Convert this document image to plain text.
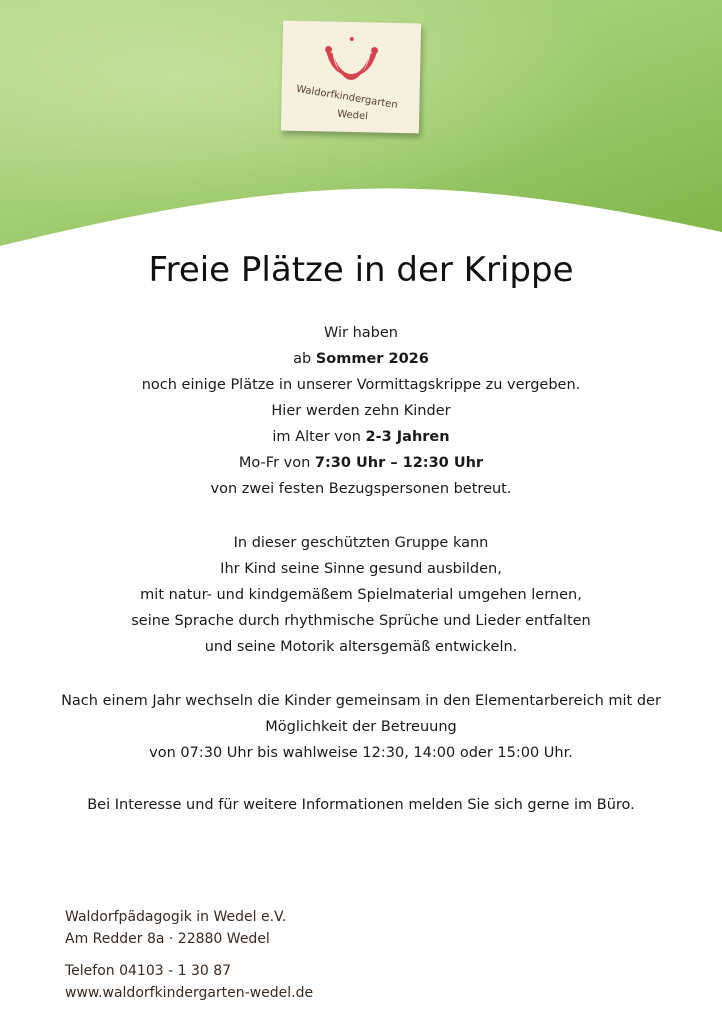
Waldorfkindergarten
Wedel
Freie Plätze in der Krippe

Wir haben

ab Sommer 2026

noch einige Plätze in unserer Vormittagskrippe zu vergeben.

Hier werden zehn Kinder

im Alter von 2-3 Jahren

Mo-Fr von 7:30 Uhr – 12:30 Uhr

von zwei festen Bezugspersonen betreut.

In dieser geschützten Gruppe kann

Ihr Kind seine Sinne gesund ausbilden,

mit natur- und kindgemäßem Spielmaterial umgehen lernen,

seine Sprache durch rhythmische Sprüche und Lieder entfalten

und seine Motorik altersgemäß entwickeln.

Nach einem Jahr wechseln die Kinder gemeinsam in den Elementarbereich mit der

Möglichkeit der Betreuung

von 07:30 Uhr bis wahlweise 12:30, 14:00 oder 15:00 Uhr.

Bei Interesse und für weitere Informationen melden Sie sich gerne im Büro.

Waldorfpädagogik in Wedel e.V.
Am Redder 8a · 22880 Wedel
Telefon 04103 - 1 30 87
www.waldorfkindergarten-wedel.de
